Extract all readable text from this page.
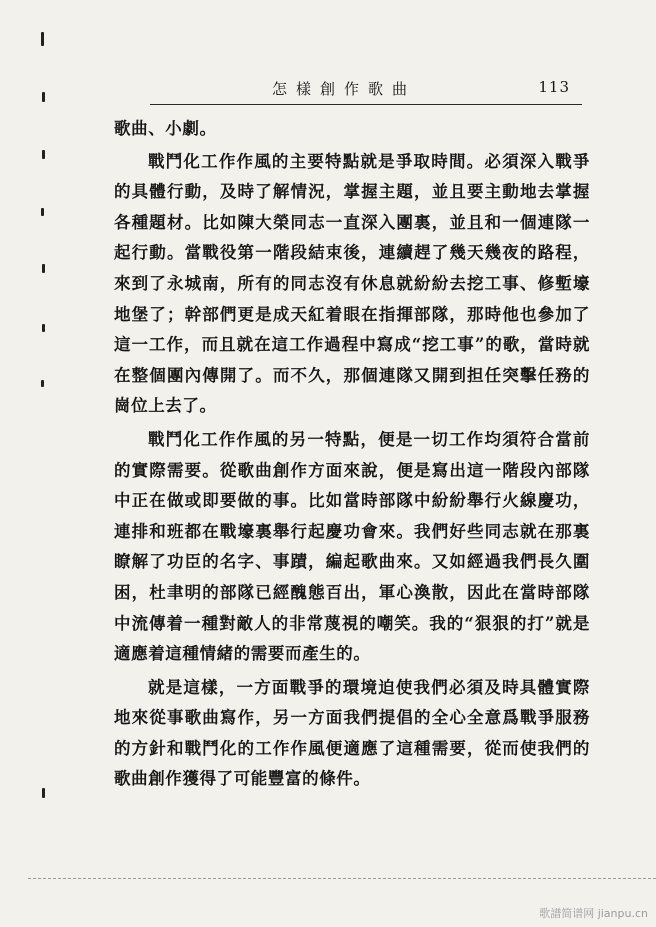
怎樣創作歌曲	113

歌曲、小劇。

戰鬥化工作作風的主要特點就是爭取時間。必須深入戰爭的具體行動，及時了解情況，掌握主題，並且要主動地去掌握各種題材。比如陳大榮同志一直深入團裏，並且和一個連隊一起行動。當戰役第一階段結束後，連續趕了幾天幾夜的路程，來到了永城南，所有的同志沒有休息就紛紛去挖工事、修塹壕地堡了；幹部們更是成天紅着眼在指揮部隊，那時他也參加了這一工作，而且就在這工作過程中寫成“挖工事”的歌，當時就在整個團內傳開了。而不久，那個連隊又開到担任突擊任務的崗位上去了。

戰鬥化工作作風的另一特點，便是一切工作均須符合當前的實際需要。從歌曲創作方面來說，便是寫出這一階段內部隊中正在做或即要做的事。比如當時部隊中紛紛舉行火線慶功，連排和班都在戰壕裏舉行起慶功會來。我們好些同志就在那裏瞭解了功臣的名字、事蹟，編起歌曲來。又如經過我們長久圍困，杜聿明的部隊已經醜態百出，軍心渙散，因此在當時部隊中流傳着一種對敵人的非常蔑視的嘲笑。我的“狠狠的打”就是適應着這種情緒的需要而產生的。

就是這樣，一方面戰爭的環境迫使我們必須及時具體實際地來從事歌曲寫作，另一方面我們提倡的全心全意爲戰爭服務的方針和戰鬥化的工作作風便適應了這種需要，從而使我們的歌曲創作獲得了可能豐富的條件。

歌譜简谱网 jianpu.cn
